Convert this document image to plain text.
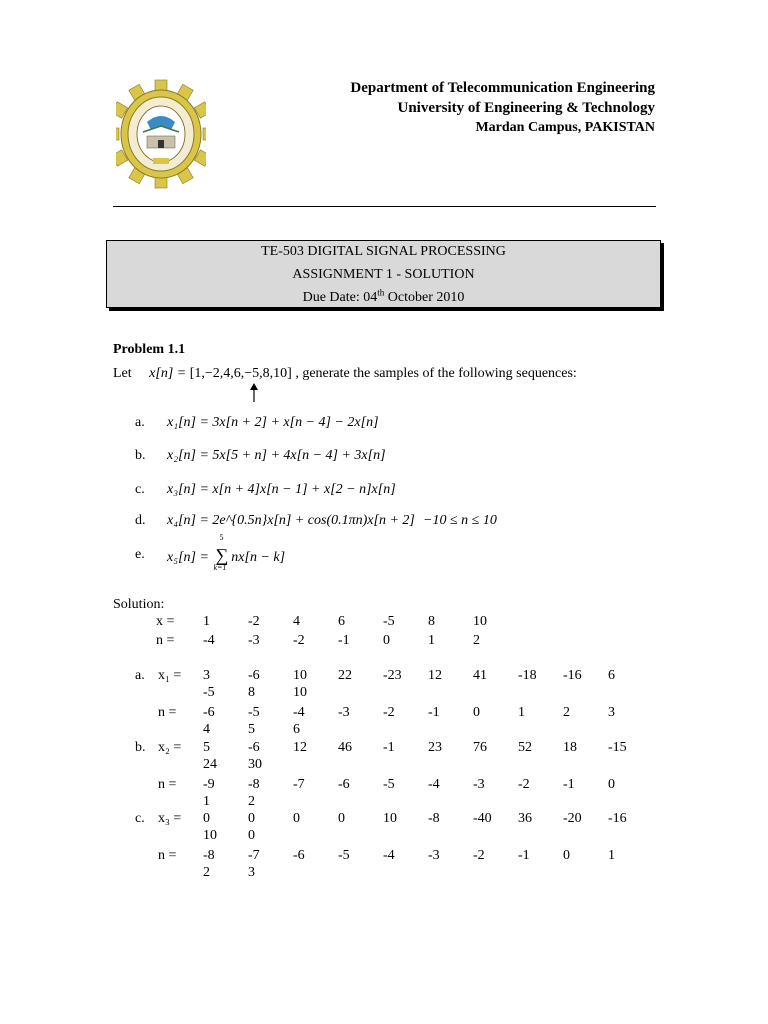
Department of Telecommunication Engineering
University of Engineering & Technology
Mardan Campus, PAKISTAN
TE-503 DIGITAL SIGNAL PROCESSING
ASSIGNMENT 1 - SOLUTION
Due Date: 04th October 2010
Problem 1.1
Let x[n] = [1,−2,4,6,−5,8,10] , generate the samples of the following sequences:
a. x₁[n] = 3x[n + 2] + x[n − 4] − 2x[n]
b. x₂[n] = 5x[5 + n] + 4x[n − 4] + 3x[n]
c. x₃[n] = x[n + 4]x[n − 1] + x[2 − n]x[n]
d. x₄[n] = 2e^{0.5n}x[n] + cos(0.1πn)x[n + 2] −10 ≤ n ≤ 10
e. x₅[n] = ∑
5
k=1
nx[n − k]
Solution:
x = 1	-2 4	6	-5 8	10
n = -4 -3 -2 -1 0	1	2
a. x₁ = 3	-6 10 22 -23 12 41 -18 -16 6
-5 8	10
n = -6 -5 -4 -3 -2 -1 0	1	2	3
4	5	6
b. x₂ = 5	-6 12 46 -1 23 76 52 18 -15
24 30
n = -9 -8 -7 -6 -5 -4 -3 -2 -1 0
1	2
c. x₃ = 0	0	0	0	10 -8 -40 36 -20 -16
10 0
n = -8 -7 -6 -5 -4 -3 -2 -1 0	1
2	3
